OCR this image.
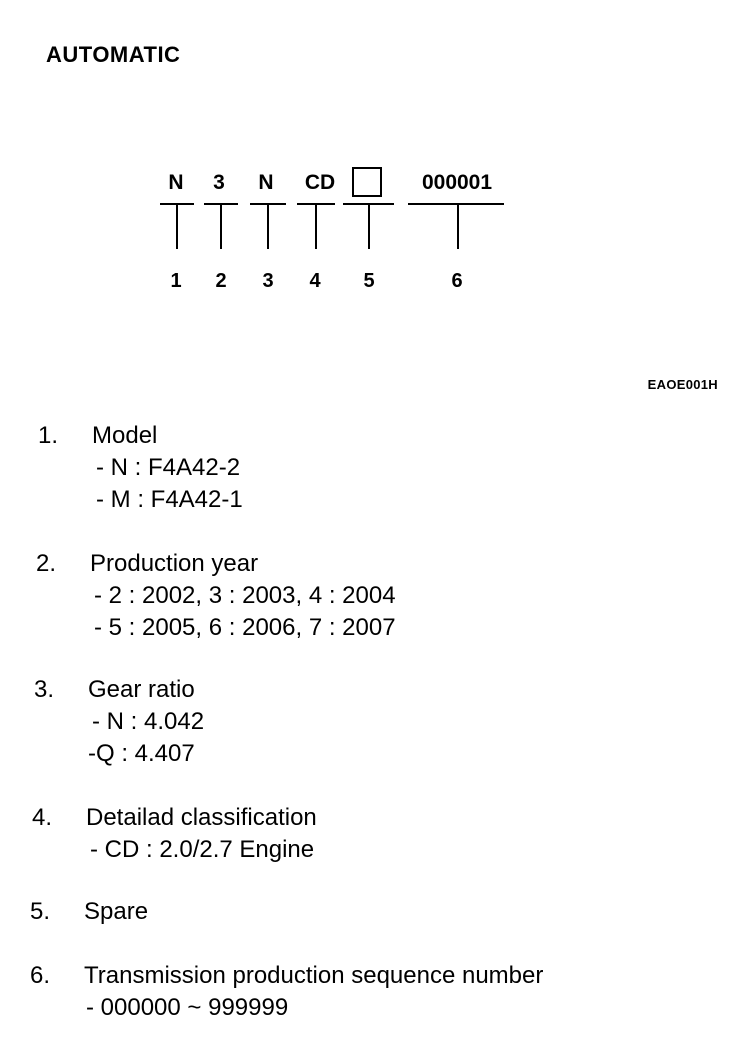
AUTOMATIC
N 3 N CD	000001
1 2 3 4 5	6
EAOE001H
1. Model
- N : F4A42-2
- M : F4A42-1
2. Production year
- 2 : 2002, 3 : 2003, 4 : 2004
- 5 : 2005, 6 : 2006, 7 : 2007
3. Gear ratio
- N : 4.042
-Q : 4.407
4. Detailad classification
- CD : 2.0/2.7 Engine
5. Spare
6. Transmission production sequence number
- 000000 ~ 999999
